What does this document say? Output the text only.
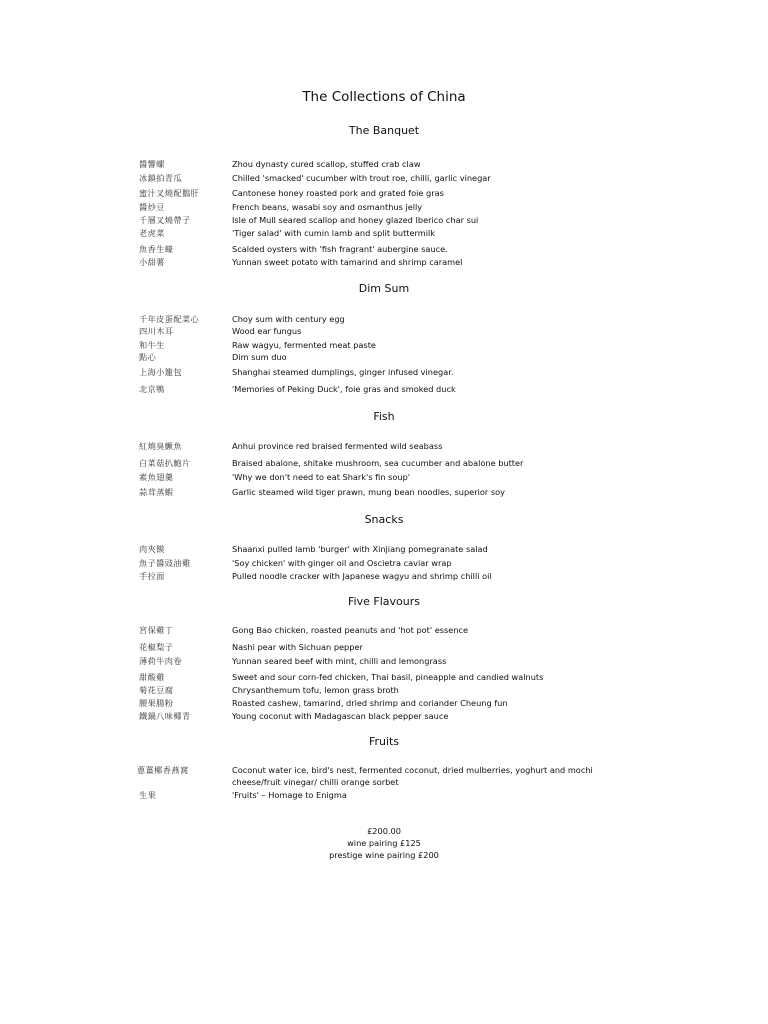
The Collections of China
The Banquet
醬響螺	Zhou dynasty cured scallop, stuffed crab claw
冰鎮拍青瓜	Chilled 'smacked' cucumber with trout roe, chilli, garlic vinegar
蜜汁叉燒配鵝肝	Cantonese honey roasted pork and grated foie gras
醬炒豆	French beans, wasabi soy and osmanthus jelly
千層叉燒帶子	Isle of Mull seared scallop and honey glazed Iberico char sui
老虎菜	'Tiger salad' with cumin lamb and split buttermilk
魚香生蠔	Scalded oysters with 'fish fragrant' aubergine sauce.
小甜薯	Yunnan sweet potato with tamarind and shrimp caramel
Dim Sum
千年皮蛋配菜心	Choy sum with century egg
四川木耳	Wood ear fungus
和牛生	Raw wagyu, fermented meat paste
點心	Dim sum duo
上海小籠包	Shanghai steamed dumplings, ginger infused vinegar.
北京鴨	'Memories of Peking Duck', foie gras and smoked duck
Fish
紅燒臭鱖魚	Anhui province red braised fermented wild seabass
白菜菇扒鮑片	Braised abalone, shitake mushroom, sea cucumber and abalone butter
素魚翅羹	'Why we don't need to eat Shark's fin soup'
蒜茸蒸蝦	Garlic steamed wild tiger prawn, mung bean noodles, superior soy
Snacks
肉夾饃	Shaanxi pulled lamb 'burger' with Xinjiang pomegranate salad
魚子醬豉油雞	'Soy chicken' with ginger oil and Oscietra caviar wrap
手拉面	Pulled noodle cracker with Japanese wagyu and shrimp chilli oil
Five Flavours
宮保雞丁	Gong Bao chicken, roasted peanuts and 'hot pot' essence
花椒梨子	Nashi pear with Sichuan pepper
薄荷牛肉卷	Yunnan seared beef with mint, chilli and lemongrass
甜酸雞	Sweet and sour corn-fed chicken, Thai basil, pineapple and candied walnuts
菊花豆腐	Chrysanthemum tofu, lemon grass broth
腰果腸粉	Roasted cashew, tamarind, dried shrimp and coriander Cheung fun
鐵鍋八味椰青	Young coconut with Madagascan black pepper sauce
Fruits
蔥薑椰香燕窩	Coconut water ice, bird's nest, fermented coconut, dried mulberries, yoghurt and mochi
cheese/fruit vinegar/ chilli orange sorbet
生果	'Fruits' – Homage to Enigma
£200.00
wine pairing £125
prestige wine pairing £200
